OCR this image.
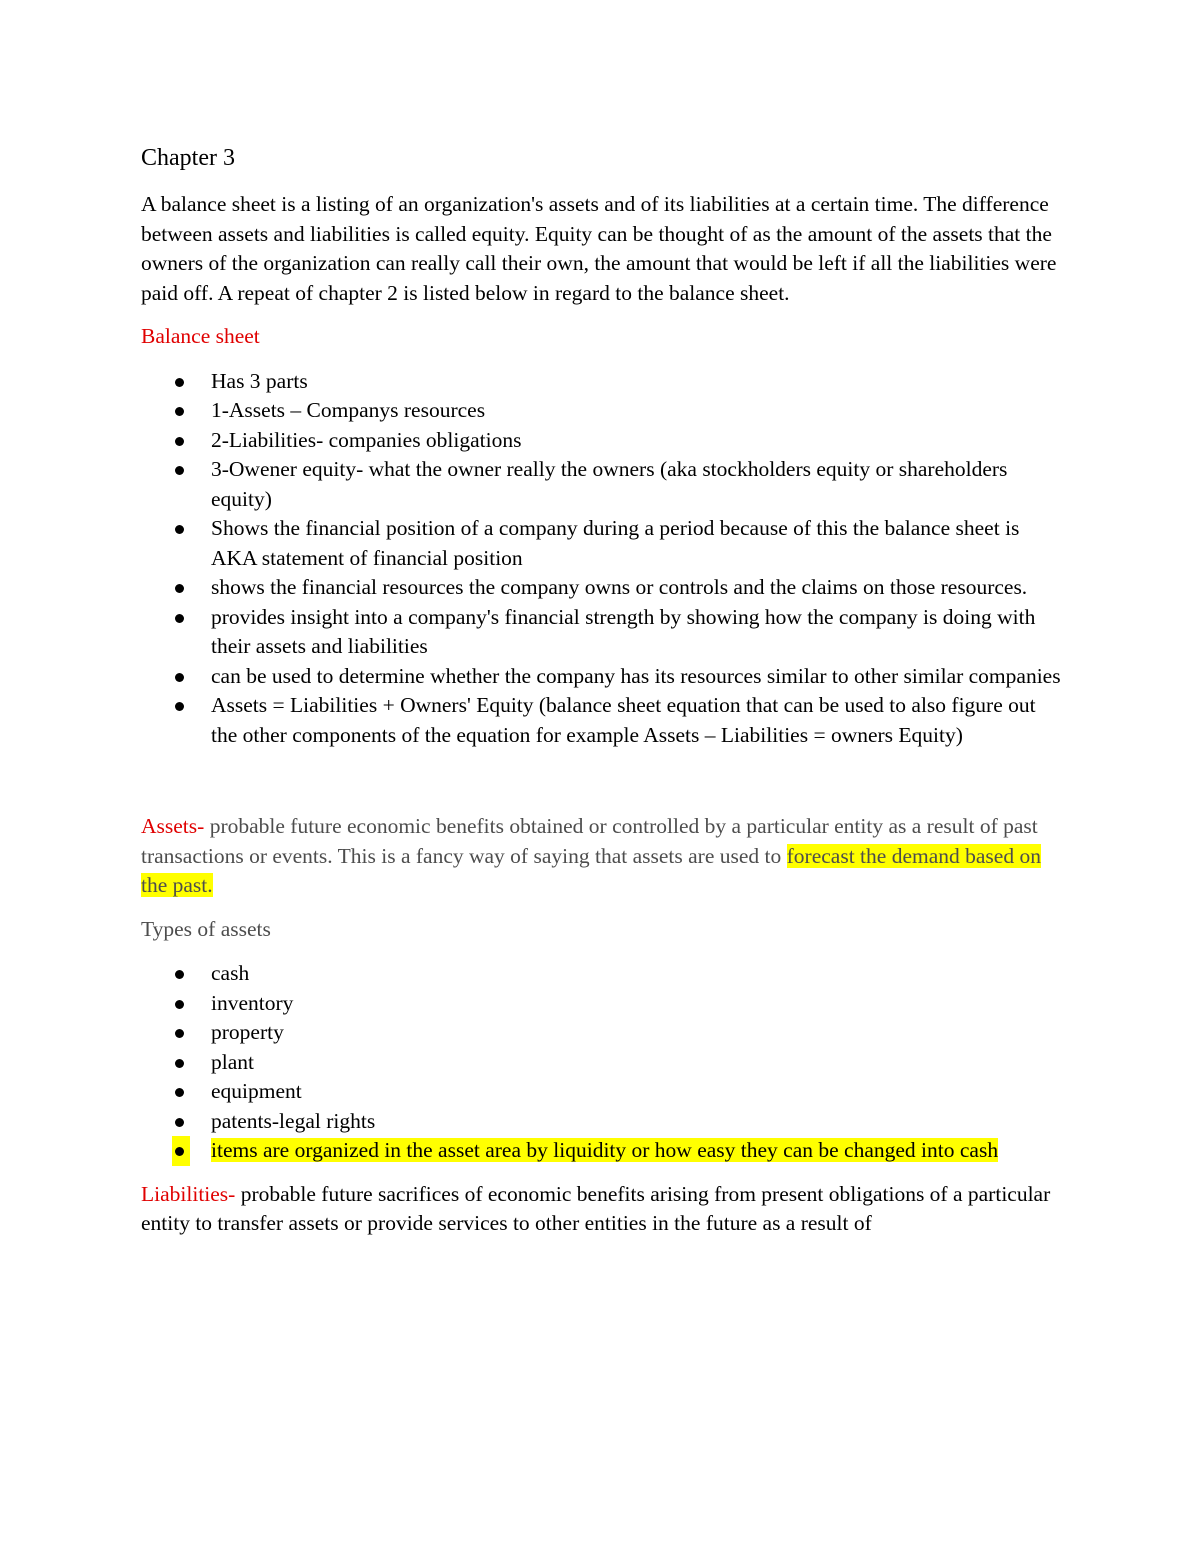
Chapter 3

A balance sheet is a listing of an organization's assets and of its liabilities at a certain time. The difference between assets and liabilities is called equity. Equity can be thought of as the amount of the assets that the owners of the organization can really call their own, the amount that would be left if all the liabilities were paid off. A repeat of chapter 2 is listed below in regard to the balance sheet.

Balance sheet
Has 3 parts
1-Assets – Companys resources
2-Liabilities- companies obligations
3-Owener equity- what the owner really the owners (aka stockholders equity or shareholders equity)
Shows the financial position of a company during a period because of this the balance sheet is AKA statement of financial position
shows the financial resources the company owns or controls and the claims on those resources.
provides insight into a company's financial strength by showing how the company is doing with their assets and liabilities
can be used to determine whether the company has its resources similar to other similar companies
Assets = Liabilities + Owners' Equity (balance sheet equation that can be used to also figure out the other components of the equation for example Assets – Liabilities = owners Equity)

Assets- probable future economic benefits obtained or controlled by a particular entity as a result of past transactions or events. This is a fancy way of saying that assets are used to forecast the demand based on the past.

Types of assets
cash
inventory
property
plant
equipment
patents-legal rights
items are organized in the asset area by liquidity or how easy they can be changed into cash

Liabilities- probable future sacrifices of economic benefits arising from present obligations of a particular entity to transfer assets or provide services to other entities in the future as a result of
